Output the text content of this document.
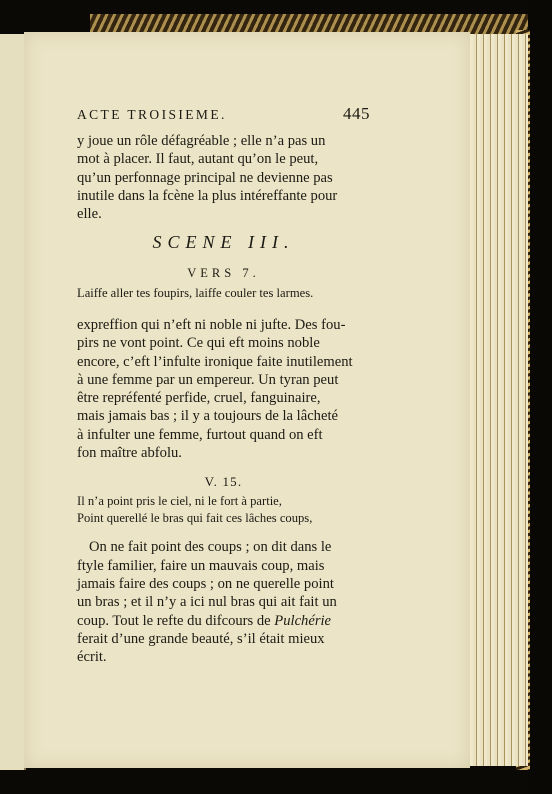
ACTE TROISIEME.	445
y joue un rôle défagréable ; elle n’a pas un
mot à placer. Il faut, autant qu’on le peut,
qu’un perfonnage principal ne devienne pas
inutile dans la fcène la plus intéreffante pour
elle.
SCENE III.
VERS 7.
Laiffe aller tes foupirs, laiffe couler tes larmes.
expreffion qui n’eft ni noble ni jufte. Des fou-
pirs ne vont point. Ce qui eft moins noble
encore, c’eft l’infulte ironique faite inutilement
à une femme par un empereur. Un tyran peut
être repréfenté perfide, cruel, fanguinaire,
mais jamais bas ; il y a toujours de la lâcheté
à infulter une femme, furtout quand on eft
fon maître abfolu.
V. 15.
Il n’a point pris le ciel, ni le fort à partie,
Point querellé le bras qui fait ces lâches coups,
On ne fait point des coups ; on dit dans le
ftyle familier, faire un mauvais coup, mais
jamais faire des coups ; on ne querelle point
un bras ; et il n’y a ici nul bras qui ait fait un
coup. Tout le refte du difcours de Pulchérie
ferait d’une grande beauté, s’il était mieux
écrit.
